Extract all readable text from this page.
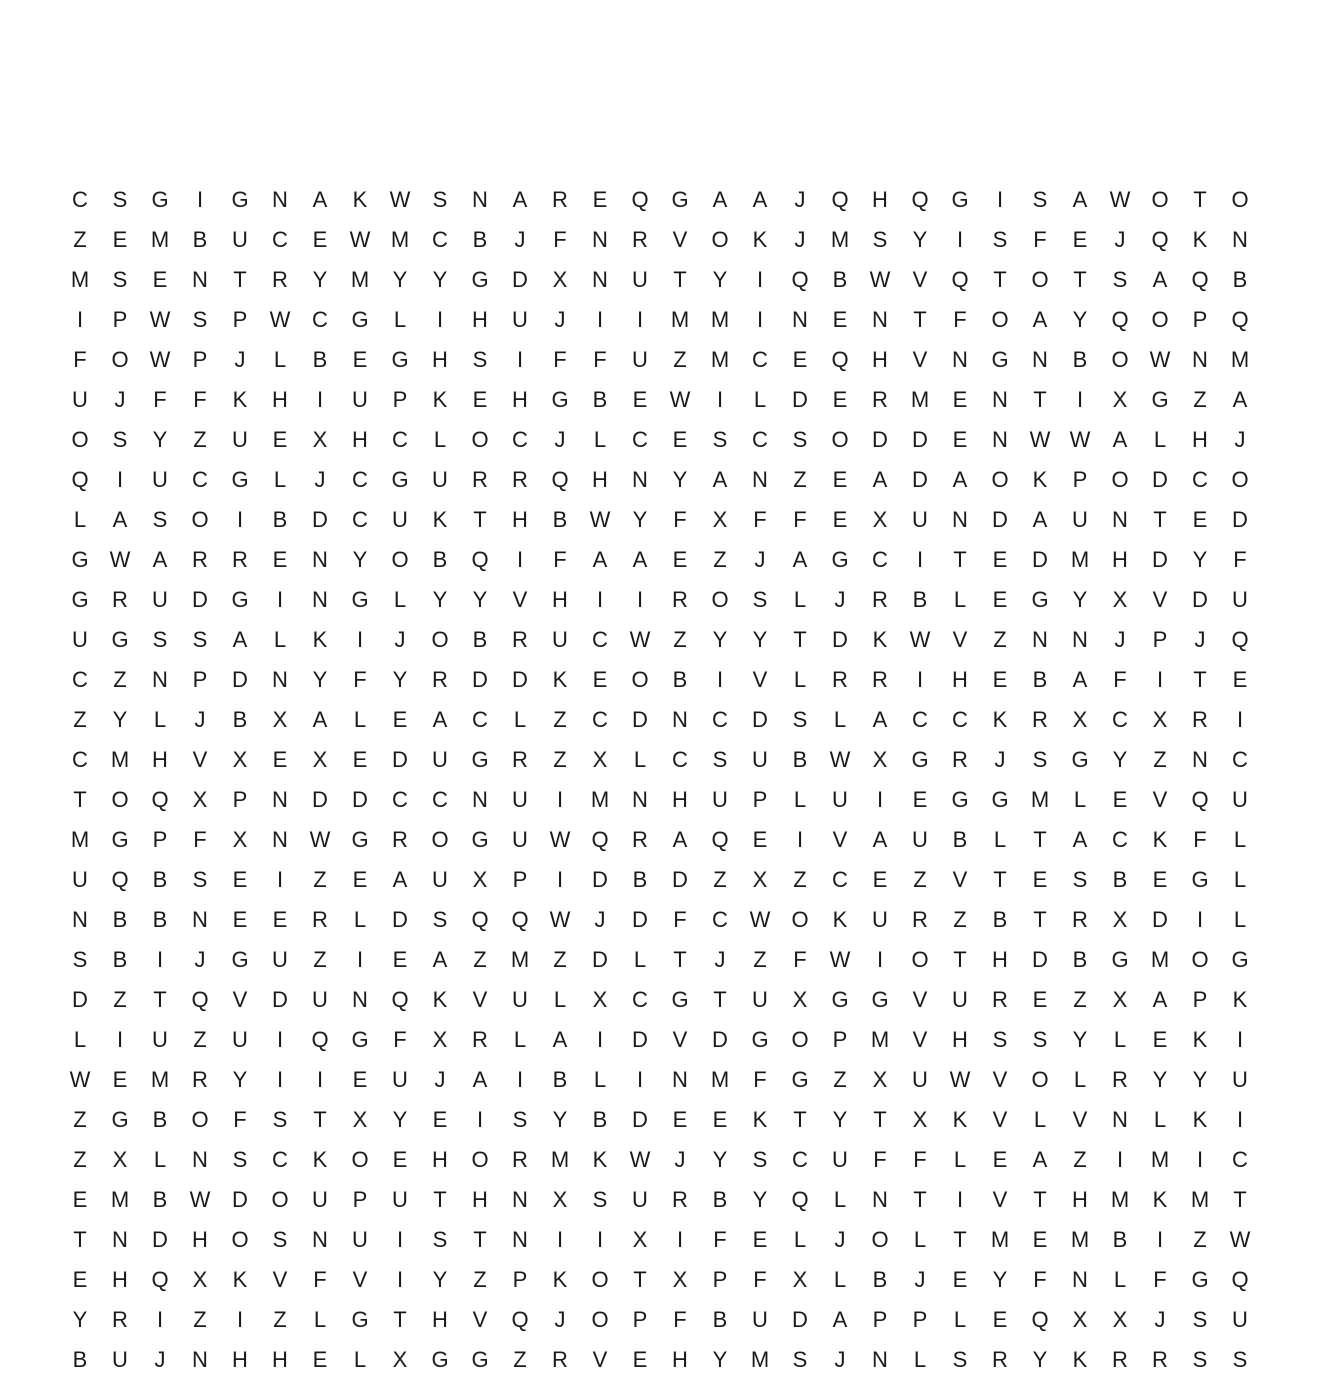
C	S	G	I	G	N	A	K	W	S	N	A	R	E	Q	G	A	A	J	Q	H	Q	G	I	S	A	W O	T	O
Z	E	M	B	U	C	E	W M	C	B	J	F	N	R	V	O	K	J	M	S	Y	I	S	F	E	J	Q	K	N
M	S	E	N	T	R	Y	M	Y	Y	G	D	X	N	U	T	Y	I	Q	B	W	V	Q	T	O	T	S	A	Q	B
I	P	W	S	P	W C	G	L	I	H	U	J	I	I	M M	I	N	E	N	T	F	O	A	Y	Q	O	P	Q
F	O W	P	J	L	B	E	G	H	S	I	F	F	U	Z	M	C	E	Q	H	V	N	G	N	B	O W N	M
U	J	F	F	K	H	I	U	P	K	E	H	G	B	E	W	I	L	D	E	R	M	E	N	T	I	X	G	Z	A
O	S	Y	Z	U	E	X	H	C	L	O	C	J	L	C	E	S	C	S	O	D	D	E	N W W	A	L	H	J
Q	I	U	C	G	L	J	C	G	U	R	R	Q	H	N	Y	A	N	Z	E	A	D	A	O	K	P	O	D	C	O
L	A	S	O	I	B	D	C	U	K	T	H	B	W	Y	F	X	F	F	E	X	U	N	D	A	U	N	T	E	D
G W	A	R	R	E	N	Y	O	B	Q	I	F	A	A	E	Z	J	A	G	C	I	T	E	D	M	H	D	Y	F
G	R	U	D	G	I	N	G	L	Y	Y	V	H	I	I	R	O	S	L	J	R	B	L	E	G	Y	X	V	D	U
U	G	S	S	A	L	K	I	J	O	B	R	U	C W	Z	Y	Y	T	D	K	W	V	Z	N	N	J	P	J	Q
C	Z	N	P	D	N	Y	F	Y	R	D	D	K	E	O	B	I	V	L	R	R	I	H	E	B	A	F	I	T	E
Z	Y	L	J	B	X	A	L	E	A	C	L	Z	C	D	N	C	D	S	L	A	C	C	K	R	X	C	X	R	I
C	M	H	V	X	E	X	E	D	U	G	R	Z	X	L	C	S	U	B	W	X	G	R	J	S	G	Y	Z	N	C
T	O	Q	X	P	N	D	D	C	C	N	U	I	M	N	H	U	P	L	U	I	E	G	G	M	L	E	V	Q	U
M	G	P	F	X	N W G	R	O	G	U W Q	R	A	Q	E	I	V	A	U	B	L	T	A	C	K	F	L
U	Q	B	S	E	I	Z	E	A	U	X	P	I	D	B	D	Z	X	Z	C	E	Z	V	T	E	S	B	E	G	L
N	B	B	N	E	E	R	L	D	S	Q	Q W	J	D	F	C W O	K	U	R	Z	B	T	R	X	D	I	L
S	B	I	J	G	U	Z	I	E	A	Z	M	Z	D	L	T	J	Z	F	W	I	O	T	H	D	B	G	M	O	G
D	Z	T	Q	V	D	U	N	Q	K	V	U	L	X	C	G	T	U	X	G	G	V	U	R	E	Z	X	A	P	K
L	I	U	Z	U	I	Q	G	F	X	R	L	A	I	D	V	D	G	O	P	M	V	H	S	S	Y	L	E	K	I
W	E	M	R	Y	I	I	E	U	J	A	I	B	L	I	N	M	F	G	Z	X	U W	V	O	L	R	Y	Y	U
Z	G	B	O	F	S	T	X	Y	E	I	S	Y	B	D	E	E	K	T	Y	T	X	K	V	L	V	N	L	K	I
Z	X	L	N	S	C	K	O	E	H	O	R	M	K	W	J	Y	S	C	U	F	F	L	E	A	Z	I	M	I	C
E	M	B	W D	O	U	P	U	T	H	N	X	S	U	R	B	Y	Q	L	N	T	I	V	T	H	M	K	M	T
T	N	D	H	O	S	N	U	I	S	T	N	I	I	X	I	F	E	L	J	O	L	T	M	E	M	B	I	Z	W
E	H	Q	X	K	V	F	V	I	Y	Z	P	K	O	T	X	P	F	X	L	B	J	E	Y	F	N	L	F	G	Q
Y	R	I	Z	I	Z	L	G	T	H	V	Q	J	O	P	F	B	U	D	A	P	P	L	E	Q	X	X	J	S	U
B	U	J	N	H	H	E	L	X	G	G	Z	R	V	E	H	Y	M	S	J	N	L	S	R	Y	K	R	R	S	S
